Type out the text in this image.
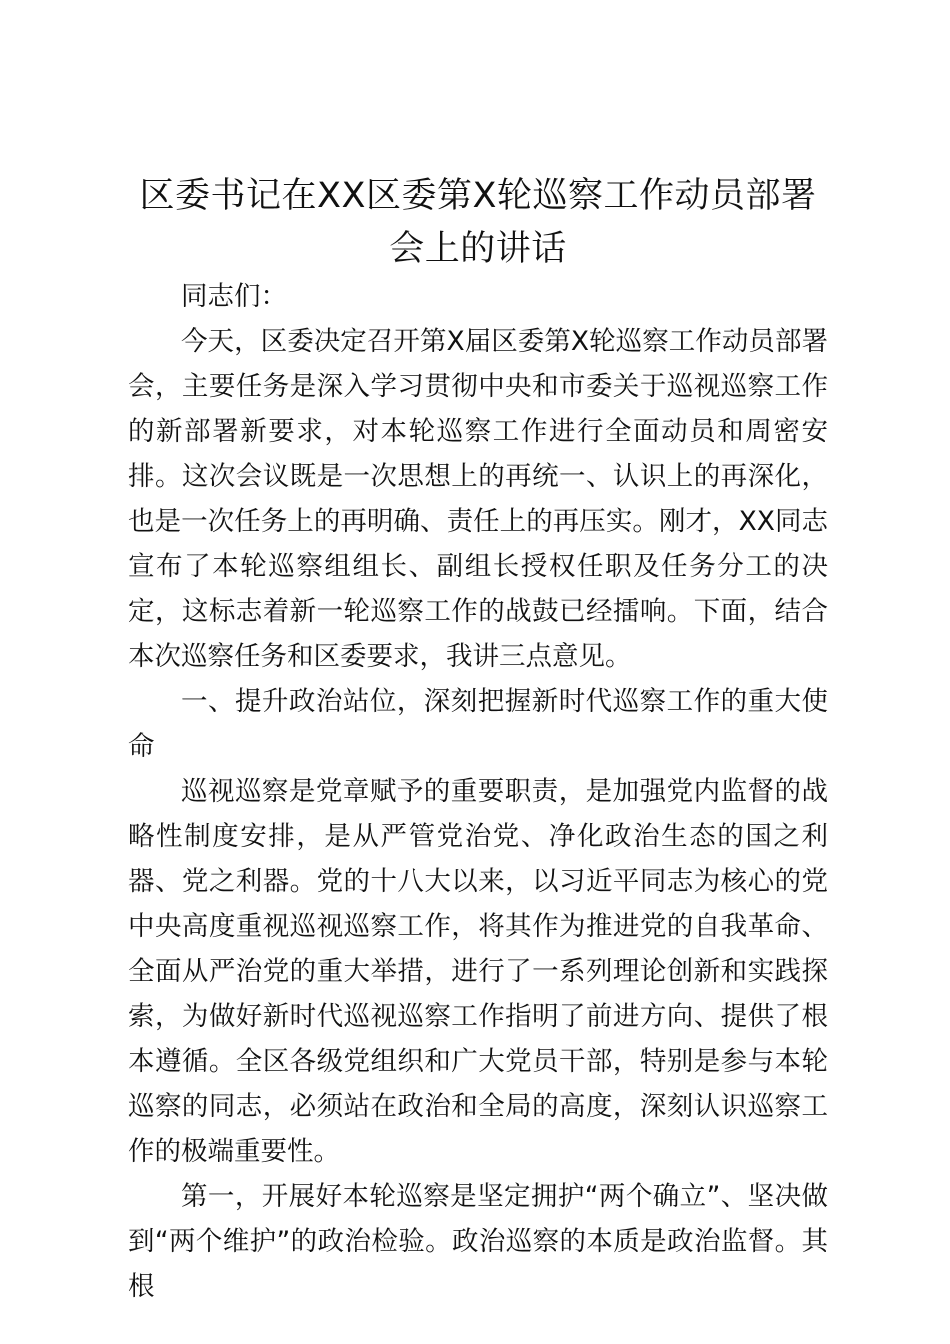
区委书记在XX区委第X轮巡察工作动员部署
会上的讲话

同志们：

今天，区委决定召开第X届区委第X轮巡察工作动员部署会，主要任务是深入学习贯彻中央和市委关于巡视巡察工作的新部署新要求，对本轮巡察工作进行全面动员和周密安排。这次会议既是一次思想上的再统一、认识上的再深化，也是一次任务上的再明确、责任上的再压实。刚才，XX同志宣布了本轮巡察组组长、副组长授权任职及任务分工的决定，这标志着新一轮巡察工作的战鼓已经擂响。下面，结合本次巡察任务和区委要求，我讲三点意见。

一、提升政治站位，深刻把握新时代巡察工作的重大使命

巡视巡察是党章赋予的重要职责，是加强党内监督的战略性制度安排，是从严管党治党、净化政治生态的国之利器、党之利器。党的十八大以来，以习近平同志为核心的党中央高度重视巡视巡察工作，将其作为推进党的自我革命、全面从严治党的重大举措，进行了一系列理论创新和实践探索，为做好新时代巡视巡察工作指明了前进方向、提供了根本遵循。全区各级党组织和广大党员干部，特别是参与本轮巡察的同志，必须站在政治和全局的高度，深刻认识巡察工作的极端重要性。

第一，开展好本轮巡察是坚定拥护“两个确立”、坚决做到“两个维护”的政治检验。政治巡察的本质是政治监督。其根
